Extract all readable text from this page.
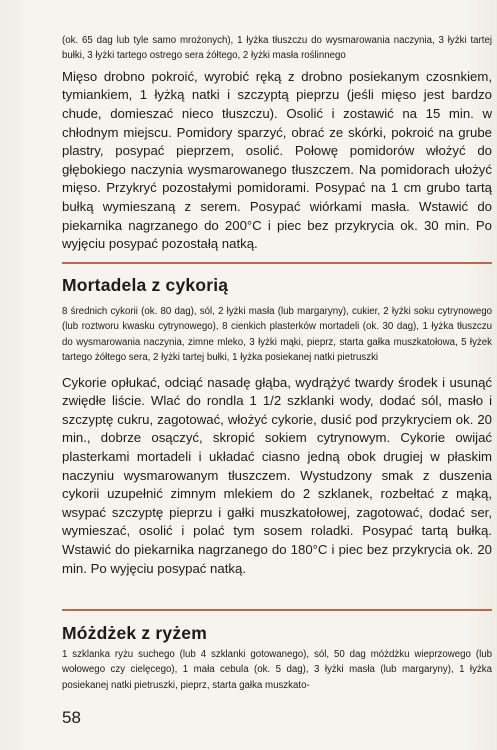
(ok. 65 dag lub tyle samo mrożonych), 1 łyżka tłuszczu do wysmarowania naczynia, 3 łyżki tartej bułki, 3 łyżki tartego ostrego sera żółtego, 2 łyżki masła roślinnego

Mięso drobno pokroić, wyrobić ręką z drobno posiekanym czosnkiem, tymiankiem, 1 łyżką natki i szczyptą pieprzu (jeśli mięso jest bardzo chude, domieszać nieco tłuszczu). Osolić i zostawić na 15 min. w chłodnym miejscu. Pomidory sparzyć, obrać ze skórki, pokroić na grube plastry, posypać pieprzem, osolić. Połowę pomidorów włożyć do głębokiego naczynia wysmarowanego tłuszczem. Na pomidorach ułożyć mięso. Przykryć pozostałymi pomidorami. Posypać na 1 cm grubo tartą bułką wymieszaną z serem. Posypać wiórkami masła. Wstawić do piekarnika nagrzanego do 200°C i piec bez przykrycia ok. 30 min. Po wyjęciu posypać pozostałą natką.

Mortadela z cykorią

8 średnich cykorii (ok. 80 dag), sól, 2 łyżki masła (lub margaryny), cukier, 2 łyżki soku cytrynowego (lub roztworu kwasku cytrynowego), 8 cienkich plasterków mortadeli (ok. 30 dag), 1 łyżka tłuszczu do wysmarowania naczynia, zimne mleko, 3 łyżki mąki, pieprz, starta gałka muszkatołowa, 5 łyżek tartego żółtego sera, 2 łyżki tartej bułki, 1 łyżka posiekanej natki pietruszki

Cykorie opłukać, odciąć nasadę głąba, wydrążyć twardy środek i usunąć zwiędłe liście. Wlać do rondla 1 1/2 szklanki wody, dodać sól, masło i szczyptę cukru, zagotować, włożyć cykorie, dusić pod przykryciem ok. 20 min., dobrze osączyć, skropić sokiem cytrynowym. Cykorie owijać plasterkami mortadeli i układać ciasno jedną obok drugiej w płaskim naczyniu wysmarowanym tłuszczem. Wystudzony smak z duszenia cykorii uzupełnić zimnym mlekiem do 2 szklanek, rozbełtać z mąką, wsypać szczyptę pieprzu i gałki muszkatołowej, zagotować, dodać ser, wymieszać, osolić i polać tym sosem roladki. Posypać tartą bułką. Wstawić do piekarnika nagrzanego do 180°C i piec bez przykrycia ok. 20 min. Po wyjęciu posypać natką.

Móżdżek z ryżem

1 szklanka ryżu suchego (lub 4 szklanki gotowanego), sól, 50 dag móżdżku wieprzowego (lub wołowego czy cielęcego), 1 mała cebula (ok. 5 dag), 3 łyżki masła (lub margaryny), 1 łyżka posiekanej natki pietruszki, pieprz, starta gałka muszkato-

58
